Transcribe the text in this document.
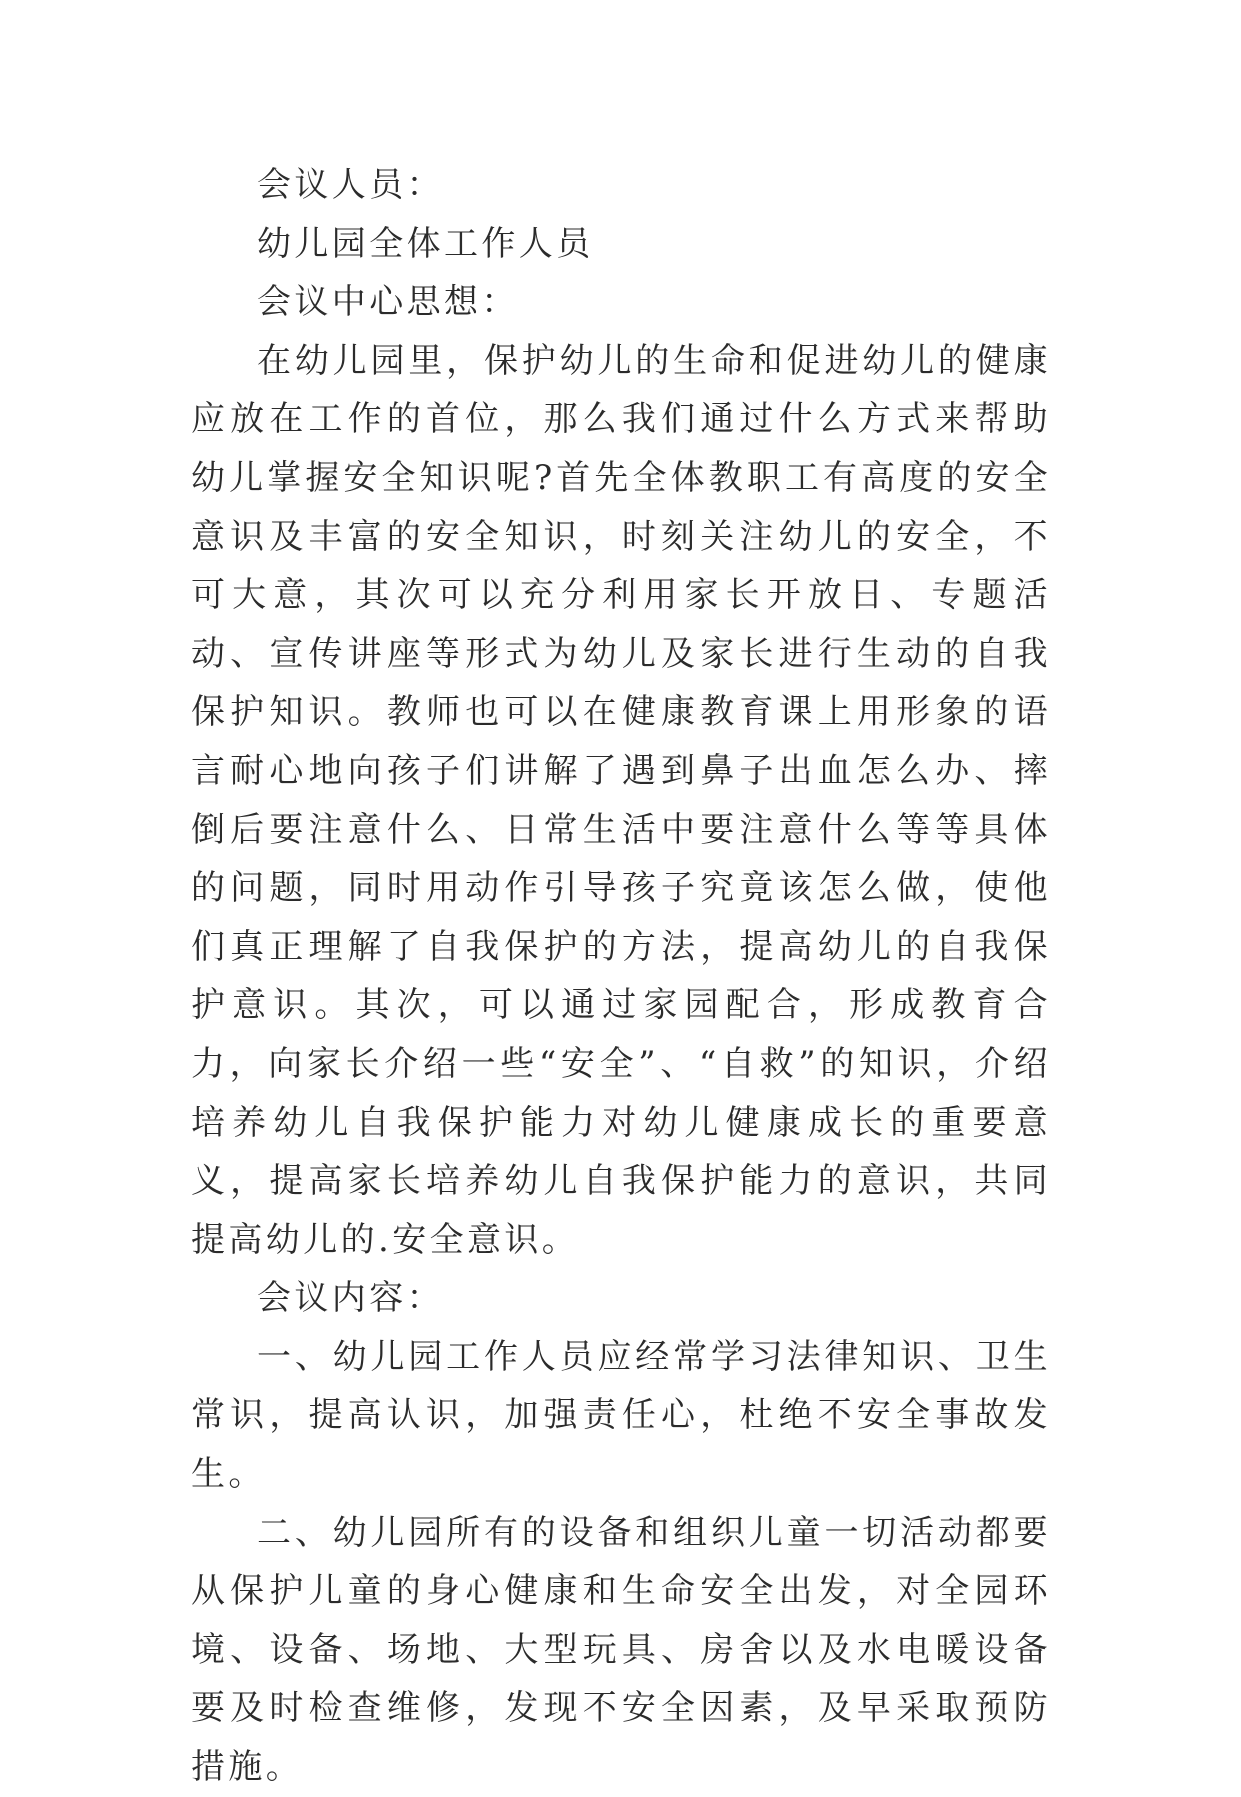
会议人员：

幼儿园全体工作人员

会议中心思想：

在幼儿园里，保护幼儿的生命和促进幼儿的健康应放在工作的首位，那么我们通过什么方式来帮助幼儿掌握安全知识呢?首先全体教职工有高度的安全意识及丰富的安全知识，时刻关注幼儿的安全，不可大意，其次可以充分利用家长开放日、专题活动、宣传讲座等形式为幼儿及家长进行生动的自我保护知识。教师也可以在健康教育课上用形象的语言耐心地向孩子们讲解了遇到鼻子出血怎么办、摔倒后要注意什么、日常生活中要注意什么等等具体的问题，同时用动作引导孩子究竟该怎么做，使他们真正理解了自我保护的方法，提高幼儿的自我保护意识。其次，可以通过家园配合，形成教育合力，向家长介绍一些“安全”、“自救”的知识，介绍培养幼儿自我保护能力对幼儿健康成长的重要意义，提高家长培养幼儿自我保护能力的意识，共同提高幼儿的.安全意识。

会议内容：

一、幼儿园工作人员应经常学习法律知识、卫生常识，提高认识，加强责任心，杜绝不安全事故发生。

二、幼儿园所有的设备和组织儿童一切活动都要从保护儿童的身心健康和生命安全出发，对全园环境、设备、场地、大型玩具、房舍以及水电暖设备要及时检查维修，发现不安全因素，及早采取预防措施。
